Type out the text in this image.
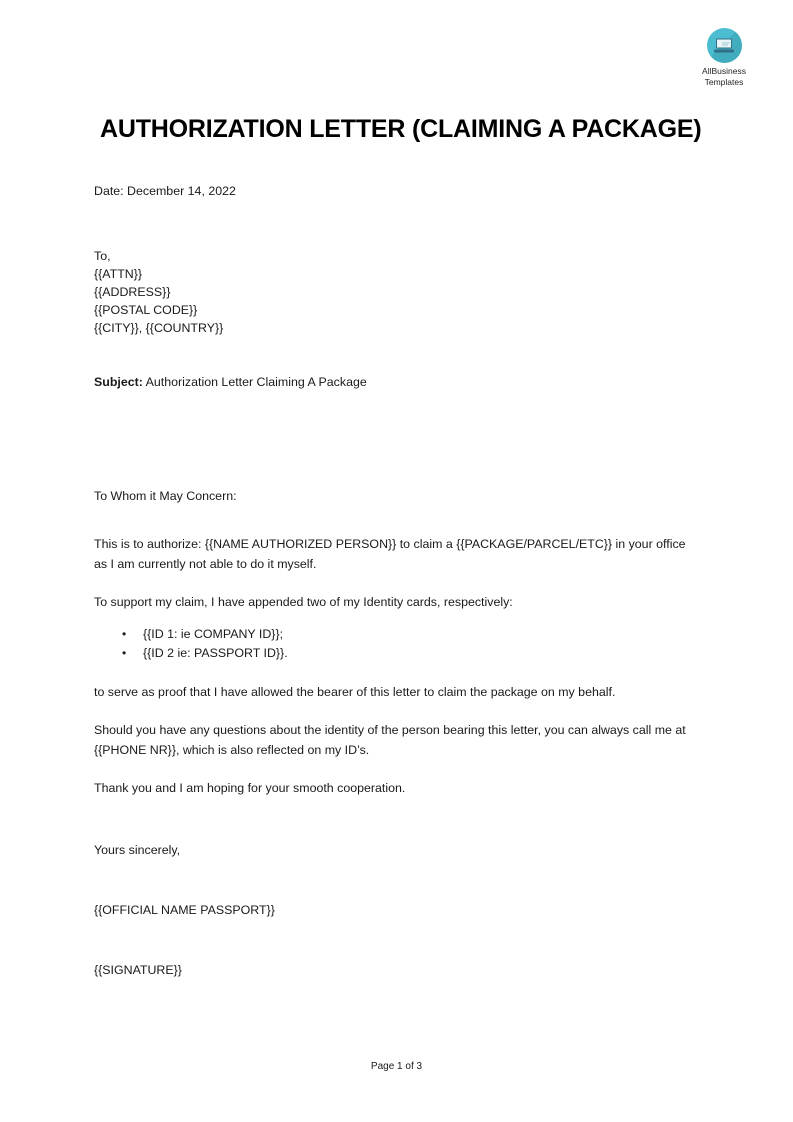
AllBusiness
Templates
AUTHORIZATION LETTER (CLAIMING A PACKAGE)
Date: December 14, 2022
To,
{{ATTN}}
{{ADDRESS}}
{{POSTAL CODE}}
{{CITY}}, {{COUNTRY}}
Subject: Authorization Letter Claiming A Package
To Whom it May Concern:

This is to authorize: {{NAME AUTHORIZED PERSON}} to claim a {{PACKAGE/PARCEL/ETC}} in your office as I am currently not able to do it myself.

To support my claim, I have appended two of my Identity cards, respectively:

• {{ID 1: ie COMPANY ID}};
• {{ID 2 ie: PASSPORT ID}}.

to serve as proof that I have allowed the bearer of this letter to claim the package on my behalf.

Should you have any questions about the identity of the person bearing this letter, you can always call me at {{PHONE NR}}, which is also reflected on my ID’s.

Thank you and I am hoping for your smooth cooperation.

Yours sincerely,
{{OFFICIAL NAME PASSPORT}}
{{SIGNATURE}}
Page 1 of 3
